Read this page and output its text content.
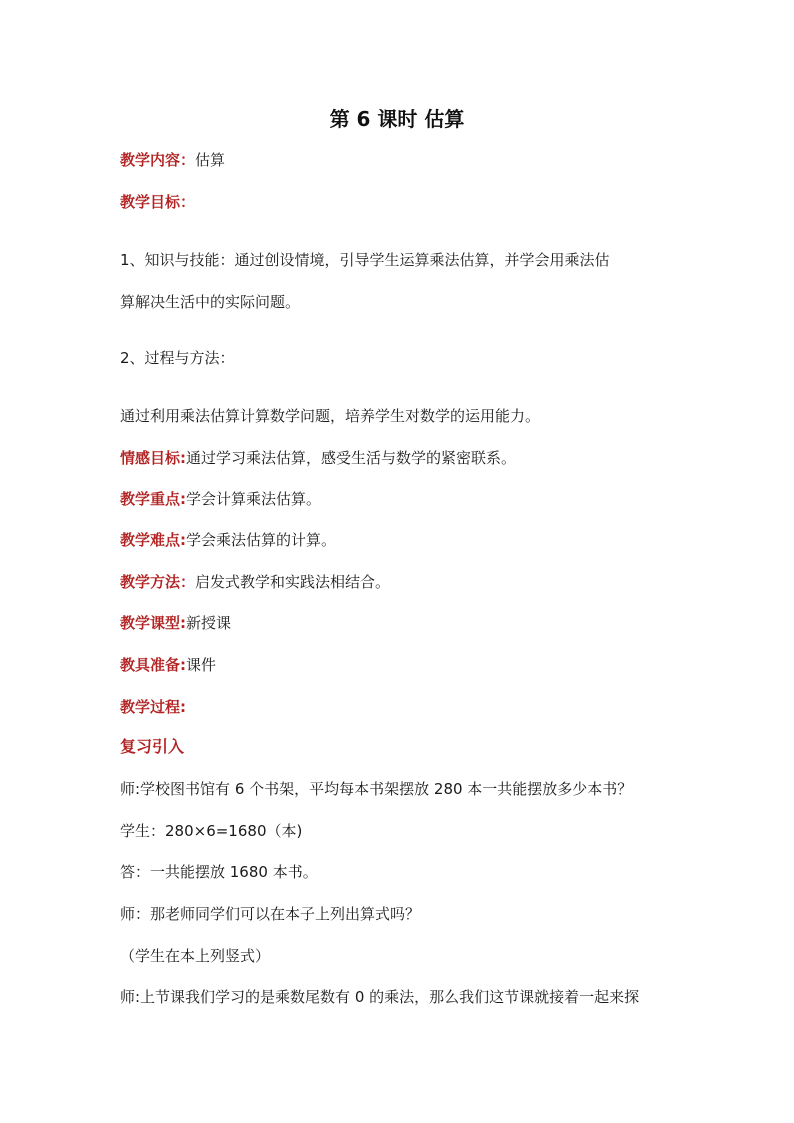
第 6 课时 估算
教学内容：估算
教学目标：
1、知识与技能：通过创设情境，引导学生运算乘法估算，并学会用乘法估
算解决生活中的实际问题。
2、过程与方法：
通过利用乘法估算计算数学问题，培养学生对数学的运用能力。
情感目标:通过学习乘法估算，感受生活与数学的紧密联系。
教学重点:学会计算乘法估算。
教学难点:学会乘法估算的计算。
教学方法：启发式教学和实践法相结合。
教学课型:新授课
教具准备:课件
教学过程:
复习引入
师:学校图书馆有 6 个书架，平均每本书架摆放 280 本一共能摆放多少本书？
学生：280×6=1680（本)
答：一共能摆放 1680 本书。
师：那老师同学们可以在本子上列出算式吗？
（学生在本上列竖式）
师:上节课我们学习的是乘数尾数有 0 的乘法，那么我们这节课就接着一起来探
